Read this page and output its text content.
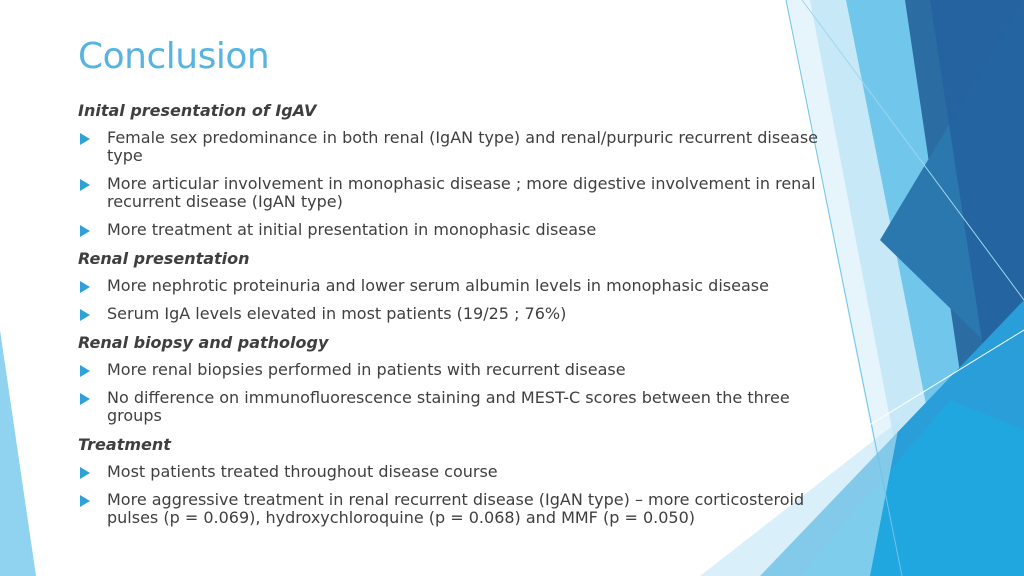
Conclusion
Inital presentation of IgAV
Female sex predominance in both renal (IgAN type) and renal/purpuric recurrent disease type
More articular involvement in monophasic disease ; more digestive involvement in renal recurrent disease (IgAN type)
More treatment at initial presentation in monophasic disease
Renal presentation
More nephrotic proteinuria and lower serum albumin levels in monophasic disease
Serum IgA levels elevated in most patients (19/25 ; 76%)
Renal biopsy and pathology
More renal biopsies performed in patients with recurrent disease
No difference on immunofluorescence staining and MEST-C scores between the three groups
Treatment
Most patients treated throughout disease course
More aggressive treatment in renal recurrent disease (IgAN type) – more corticosteroid pulses (p = 0.069), hydroxychloroquine (p = 0.068) and MMF (p = 0.050)
